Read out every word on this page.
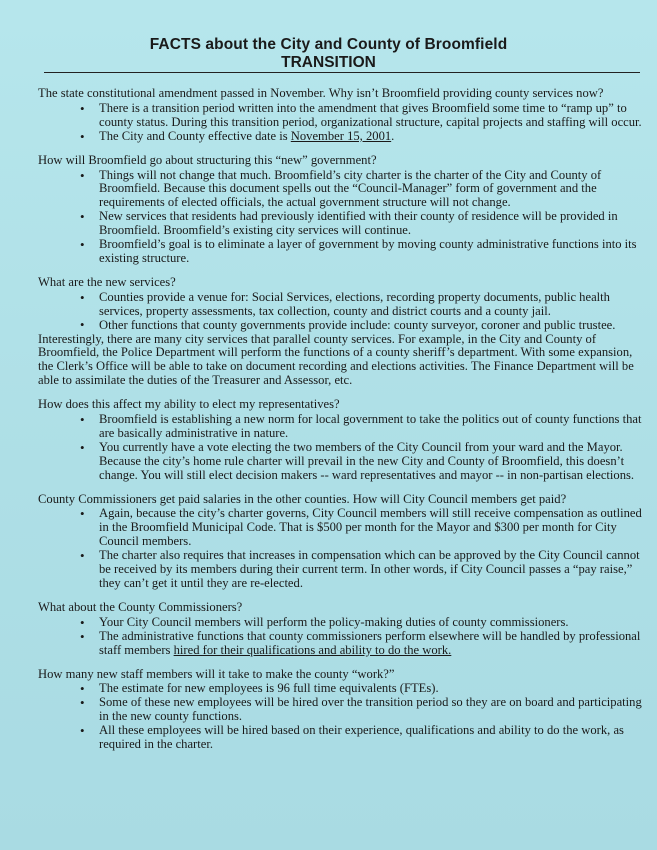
FACTS about the City and County of Broomfield
TRANSITION
The state constitutional amendment passed in November. Why isn’t Broomfield providing county services now?
• There is a transition period written into the amendment that gives Broomfield some time to “ramp up” to county status. During this transition period, organizational structure, capital projects and staffing will occur.
• The City and County effective date is November 15, 2001.
How will Broomfield go about structuring this “new” government?
• Things will not change that much. Broomfield’s city charter is the charter of the City and County of Broomfield. Because this document spells out the “Council-Manager” form of government and the requirements of elected officials, the actual government structure will not change.
• New services that residents had previously identified with their county of residence will be provided in Broomfield. Broomfield’s existing city services will continue.
• Broomfield’s goal is to eliminate a layer of government by moving county administrative functions into its existing structure.
What are the new services?
• Counties provide a venue for: Social Services, elections, recording property documents, public health services, property assessments, tax collection, county and district courts and a county jail.
• Other functions that county governments provide include: county surveyor, coroner and public trustee. Interestingly, there are many city services that parallel county services. For example, in the City and County of Broomfield, the Police Department will perform the functions of a county sheriff’s department. With some expansion, the Clerk’s Office will be able to take on document recording and elections activities. The Finance Department will be able to assimilate the duties of the Treasurer and Assessor, etc.
How does this affect my ability to elect my representatives?
• Broomfield is establishing a new norm for local government to take the politics out of county functions that are basically administrative in nature.
• You currently have a vote electing the two members of the City Council from your ward and the Mayor. Because the city’s home rule charter will prevail in the new City and County of Broomfield, this doesn’t change. You will still elect decision makers -- ward representatives and mayor -- in non-partisan elections.
County Commissioners get paid salaries in the other counties. How will City Council members get paid?
• Again, because the city’s charter governs, City Council members will still receive compensation as outlined in the Broomfield Municipal Code. That is $500 per month for the Mayor and $300 per month for City Council members.
• The charter also requires that increases in compensation which can be approved by the City Council cannot be received by its members during their current term. In other words, if City Council passes a “pay raise,” they can’t get it until they are re-elected.
What about the County Commissioners?
• Your City Council members will perform the policy-making duties of county commissioners.
• The administrative functions that county commissioners perform elsewhere will be handled by professional staff members hired for their qualifications and ability to do the work.
How many new staff members will it take to make the county “work?”
• The estimate for new employees is 96 full time equivalents (FTEs).
• Some of these new employees will be hired over the transition period so they are on board and participating in the new county functions.
• All these employees will be hired based on their experience, qualifications and ability to do the work, as required in the charter.
